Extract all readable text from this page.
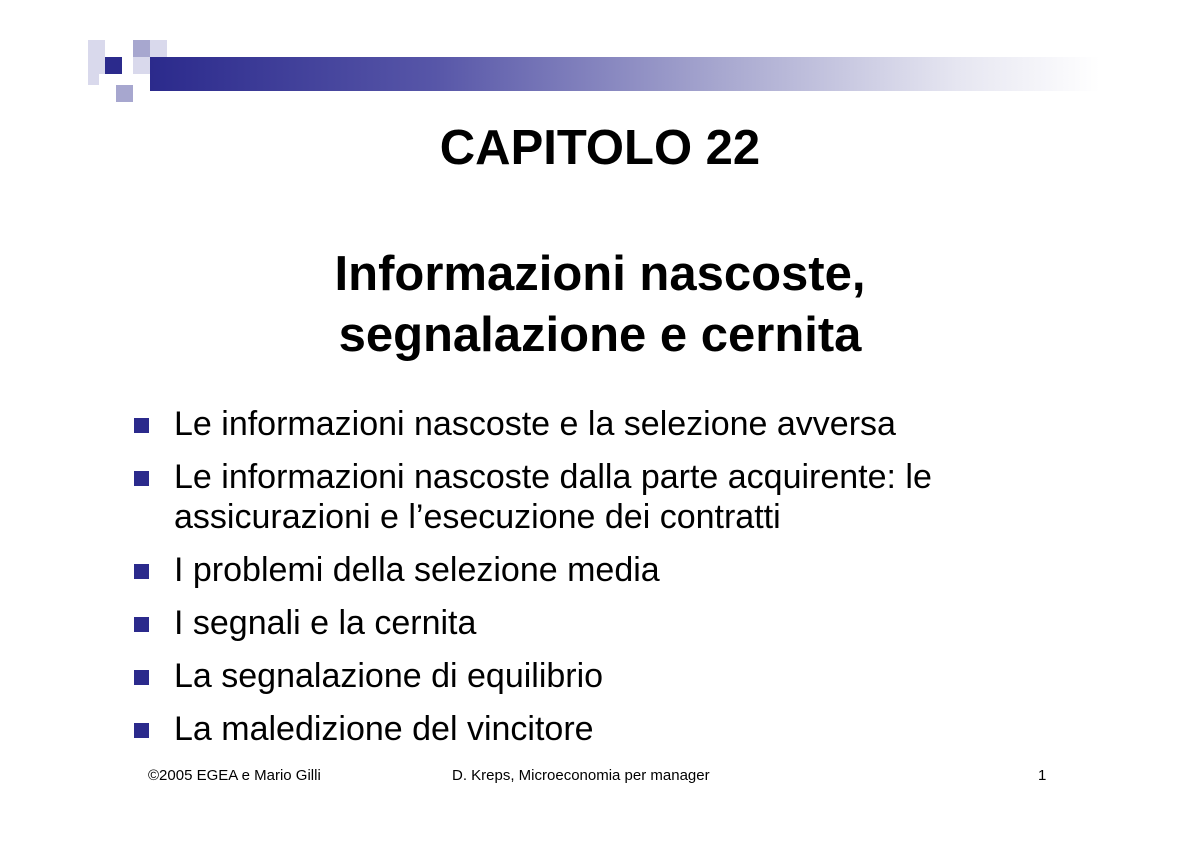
CAPITOLO 22
Informazioni nascoste,
segnalazione e cernita
Le informazioni nascoste e la selezione avversa
Le informazioni nascoste dalla parte acquirente: le assicurazioni e l’esecuzione dei contratti
I problemi della selezione media
I segnali e la cernita
La segnalazione di equilibrio
La maledizione del vincitore
©2005 EGEA e Mario Gilli	D. Kreps, Microeconomia per manager	1
